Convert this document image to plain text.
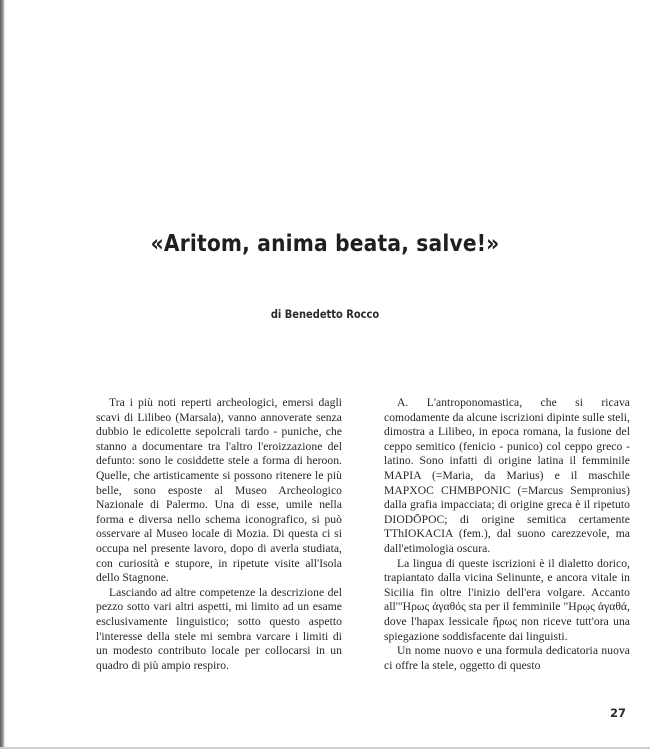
«Aritom, anima beata, salve!»
di Benedetto Rocco

Tra i più noti reperti archeologici, emersi dagli scavi di Lilibeo (Marsala), vanno annoverate senza dubbio le edicolette sepolcrali tardo - puniche, che stanno a documentare tra l'altro l'eroizzazione del defunto: sono le cosiddette stele a forma di heroon. Quelle, che artisticamente si possono ritenere le più belle, sono esposte al Museo Archeologico Nazionale di Palermo. Una di esse, umile nella forma e diversa nello schema iconografico, si può osservare al Museo locale di Mozia. Di questa ci si occupa nel presente lavoro, dopo di averla studiata, con curiosità e stupore, in ripetute visite all'Isola dello Stagnone.

Lasciando ad altre competenze la descrizione del pezzo sotto vari altri aspetti, mi limito ad un esame esclusivamente linguistico; sotto questo aspetto l'interesse della stele mi sembra varcare i limiti di un modesto contributo locale per collocarsi in un quadro di più ampio respiro.

A. L'antroponomastica, che si ricava comodamente da alcune iscrizioni dipinte sulle steli, dimostra a Lilibeo, in epoca romana, la fusione del ceppo semitico (fenicio - punico) col ceppo greco - latino. Sono infatti di origine latina il femminile MAPIA (=Maria, da Marius) e il maschile MAPXOC CHMBPONIC (=Marcus Sempronius) dalla grafia impacciata; di origine greca è il ripetuto DIODŌPOC; di origine semitica certamente TThIOKACIA (fem.), dal suono carezzevole, ma dall'etimologia oscura.

La lingua di queste iscrizioni è il dialetto dorico, trapiantato dalla vicina Selinunte, e ancora vitale in Sicilia fin oltre l'inizio dell'era volgare. Accanto all'"Ηρως ἀγαθός sta per il femminile "Ηρῳς ἀγαθά, dove l'hapax lessicale ἥρως non riceve tutt'ora una spiegazione soddisfacente dai linguisti.

Un nome nuovo e una formula dedicatoria nuova ci offre la stele, oggetto di questo

27
